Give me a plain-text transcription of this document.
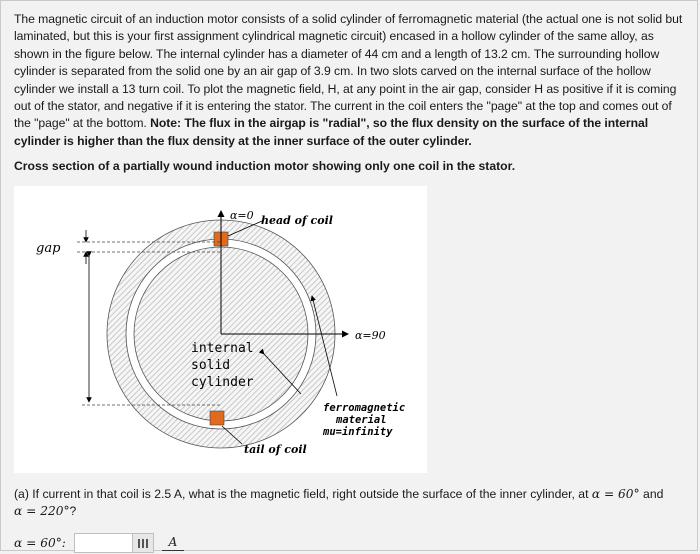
The magnetic circuit of an induction motor consists of a solid cylinder of ferromagnetic material (the actual one is not solid but laminated, but this is your first assignment cylindrical magnetic circuit) encased in a hollow cylinder of the same alloy, as shown in the figure below. The internal cylinder has a diameter of 44 cm and a length of 13.2 cm. The surrounding hollow cylinder is separated from the solid one by an air gap of 3.9 cm. In two slots carved on the internal surface of the hollow cylinder we install a 13 turn coil. To plot the magnetic field, H, at any point in the air gap, consider H as positive if it is coming out of the stator, and negative if it is entering the stator. The current in the coil enters the "page" at the top and comes out of the "page" at the bottom. Note: The flux in the airgap is "radial", so the flux density on the surface of the internal cylinder is higher than the flux density at the inner surface of the outer cylinder.
Cross section of a partially wound induction motor showing only one coil in the stator.
gap
α=0 head of coil
α=90
internal
solid
cylinder
ferromagnetic
material
mu=infinity
tail of coil
(a) If current in that coil is 2.5 A, what is the magnetic field, right outside the surface of the inner cylinder, at α = 60° and
α = 220°?
α = 60°:	A
